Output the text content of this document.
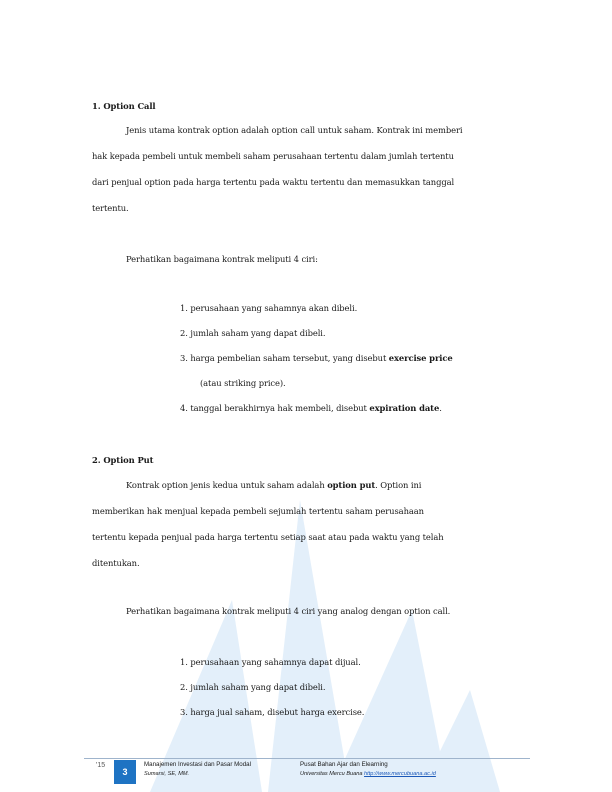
1. Option Call
Jenis utama kontrak option adalah option call untuk saham. Kontrak ini memberi
hak kepada pembeli untuk membeli saham perusahaan tertentu dalam jumlah tertentu
dari penjual option pada harga tertentu pada waktu tertentu dan memasukkan tanggal
tertentu.
Perhatikan bagaimana kontrak meliputi 4 ciri:
1. perusahaan yang sahamnya akan dibeli.
2. jumlah saham yang dapat dibeli.
3. harga pembelian saham tersebut, yang disebut exercise price
(atau striking price).
4. tanggal berakhirnya hak membeli, disebut expiration date.
2. Option Put
Kontrak option jenis kedua untuk saham adalah option put. Option ini
memberikan hak menjual kepada pembeli sejumlah tertentu saham perusahaan
tertentu kepada penjual pada harga tertentu setiap saat atau pada waktu yang telah
ditentukan.
Perhatikan bagaimana kontrak meliputi 4 ciri yang analog dengan option call.
1. perusahaan yang sahamnya dapat dijual.
2. jumlah saham yang dapat dibeli.
3. harga jual saham, disebut harga exercise.
'15
3
Manajemen Investasi dan Pasar Modal
Sumarsi, SE, MM.
Pusat Bahan Ajar dan Elearning
Universitas Mercu Buana http://www.mercubuana.ac.id
